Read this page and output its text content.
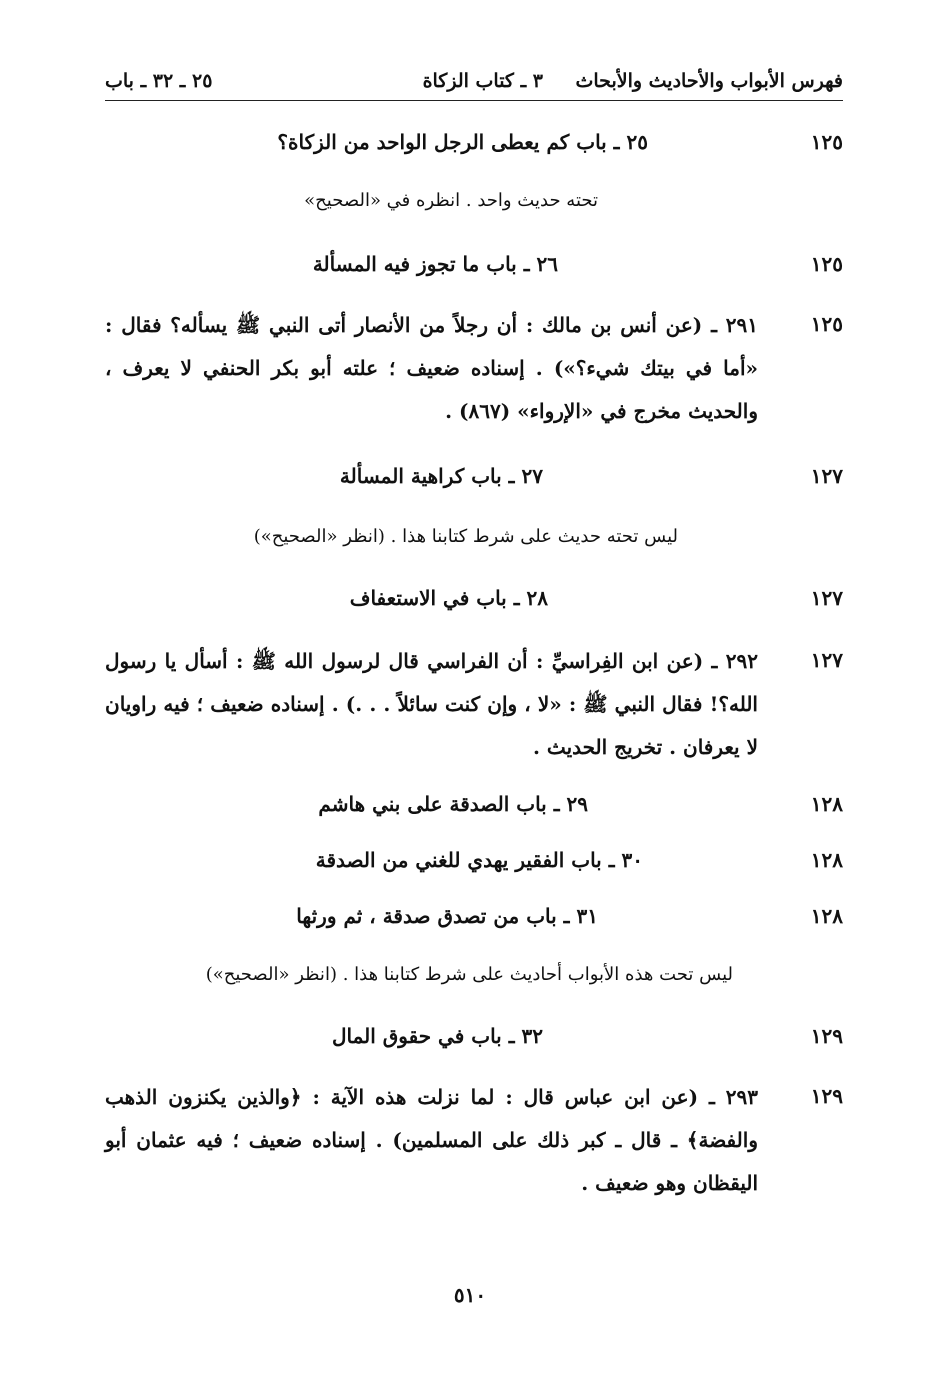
فهرس الأبواب والأحاديث والأبحاث
٣ ـ كتاب الزكاة
٢٥ ـ ٣٢ ـ باب
١٢٥
٢٥ ـ باب كم يعطى الرجل الواحد من الزكاة؟
تحته حديث واحد . انظره في «الصحيح»
١٢٥
٢٦ ـ باب ما تجوز فيه المسألة
١٢٥
٢٩١ ـ (عن أنس بن مالك : أن رجلاً من الأنصار أتى النبي ﷺ يسأله؟ فقال : «أما في بيتك شيء؟») . إسناده ضعيف ؛ علته أبو بكر الحنفي لا يعرف ، والحديث مخرج في «الإرواء» (٨٦٧) .
١٢٧
٢٧ ـ باب كراهية المسألة
ليس تحته حديث على شرط كتابنا هذا . (انظر «الصحيح»)
١٢٧
٢٨ ـ باب في الاستعفاف
١٢٧
٢٩٢ ـ (عن ابن الفِراسيِّ : أن الفراسي قال لرسول الله ﷺ : أسأل يا رسول الله؟! فقال النبي ﷺ : «لا ، وإن كنت سائلاً . . .) . إسناده ضعيف ؛ فيه راويان لا يعرفان . تخريج الحديث .
١٢٨
٢٩ ـ باب الصدقة على بني هاشم
١٢٨
٣٠ ـ باب الفقير يهدي للغني من الصدقة
١٢٨
٣١ ـ باب من تصدق صدقة ، ثم ورثها
ليس تحت هذه الأبواب أحاديث على شرط كتابنا هذا . (انظر «الصحيح»)
١٢٩
٣٢ ـ باب في حقوق المال
١٢٩
٢٩٣ ـ (عن ابن عباس قال : لما نزلت هذه الآية : ﴿والذين يكنزون الذهب والفضة﴾ ـ قال ـ كبر ذلك على المسلمين) . إسناده ضعيف ؛ فيه عثمان أبو اليقظان وهو ضعيف .
٥١٠
